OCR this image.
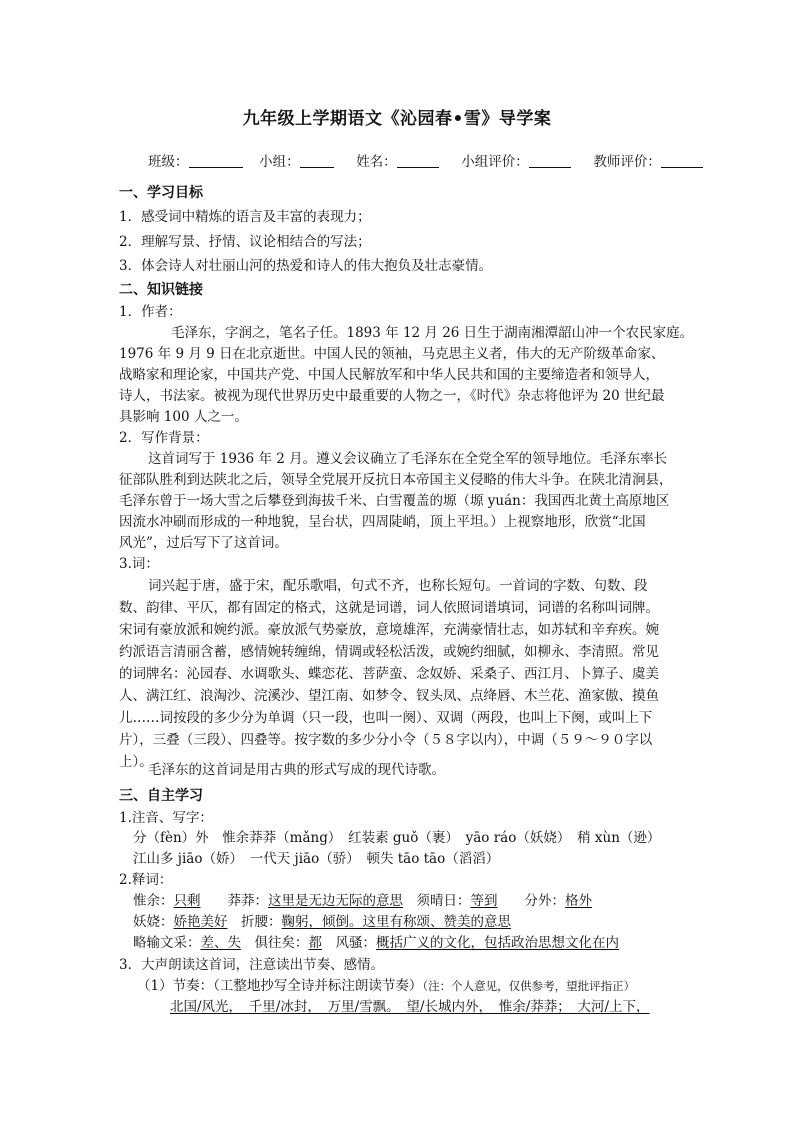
九年级上学期语文《沁园春•雪》导学案
班级：	小组：	姓名：	小组评价：	教师评价：
一、学习目标
1．感受词中精炼的语言及丰富的表现力；
2．理解写景、抒情、议论相结合的写法；
3．体会诗人对壮丽山河的热爱和诗人的伟大抱负及壮志豪情。
二、知识链接
1．作者：
毛泽东，字润之，笔名子任。1893 年 12 月 26 日生于湖南湘潭韶山冲一个农民家庭。
1976 年 9 月 9 日在北京逝世。中国人民的领袖，马克思主义者，伟大的无产阶级革命家、
战略家和理论家，中国共产党、中国人民解放军和中华人民共和国的主要缔造者和领导人，
诗人，书法家。被视为现代世界历史中最重要的人物之一，《时代》杂志将他评为 20 世纪最
具影响 100 人之一。
2．写作背景：
这首词写于 1936 年 2 月。遵义会议确立了毛泽东在全党全军的领导地位。毛泽东率长
征部队胜利到达陕北之后，领导全党展开反抗日本帝国主义侵略的伟大斗争。在陕北清涧县，
毛泽东曾于一场大雪之后攀登到海拔千米、白雪覆盖的塬（塬 yuán：我国西北黄土高原地区
因流水冲刷而形成的一种地貌，呈台状，四周陡峭，顶上平坦。）上视察地形，欣赏“北国
风光”，过后写下了这首词。
3.词：
词兴起于唐，盛于宋，配乐歌唱，句式不齐，也称长短句。一首词的字数、句数、段
数、韵律、平仄，都有固定的格式，这就是词谱，词人依照词谱填词，词谱的名称叫词牌。
宋词有豪放派和婉约派。豪放派气势豪放，意境雄浑，充满豪情壮志，如苏轼和辛弃疾。婉
约派语言清丽含蓄，感情婉转缠绵，情调或轻松活泼，或婉约细腻，如柳永、李清照。常见
的词牌名：沁园春、水调歌头、蝶恋花、菩萨蛮、念奴娇、采桑子、西江月、卜算子、虞美
人、满江红、浪淘沙、浣溪沙、望江南、如梦令、钗头凤、点绛唇、木兰花、渔家傲、摸鱼
儿……词按段的多少分为单调（只一段，也叫一阕）、双调（两段，也叫上下阕，或叫上下
片），三叠（三段）、四叠等。按字数的多少分小令（５８字以内），中调（５９～９０字以
上）。
毛泽东的这首词是用古典的形式写成的现代诗歌。
三、自主学习
1.注音、写字：
分（fèn）外　惟余莽莽（mǎng）　红装素 guǒ（裹）　yāo ráo（妖娆）　稍 xùn（逊）
江山多 jiāo（娇）　一代天 jiāo（骄）　顿失 tāo tāo（滔滔）
2.释词：
惟余：只剩　　莽莽：这里是无边无际的意思　须晴日：等到　　分外：格外
妖娆：娇艳美好　折腰：鞠躬，倾倒。这里有称颂、赞美的意思
略输文采：差、失　俱往矣：都　风骚：概括广义的文化，包括政治思想文化在内
3．大声朗读这首词，注意读出节奏、感情。
（1）节奏：（工整地抄写全诗并标注朗读节奏）（注：个人意见，仅供参考，望批评指正）
北国/风光，　千里/冰封，　万里/雪飘。　望/长城内外，　惟余/莽莽；　大河/上下，
